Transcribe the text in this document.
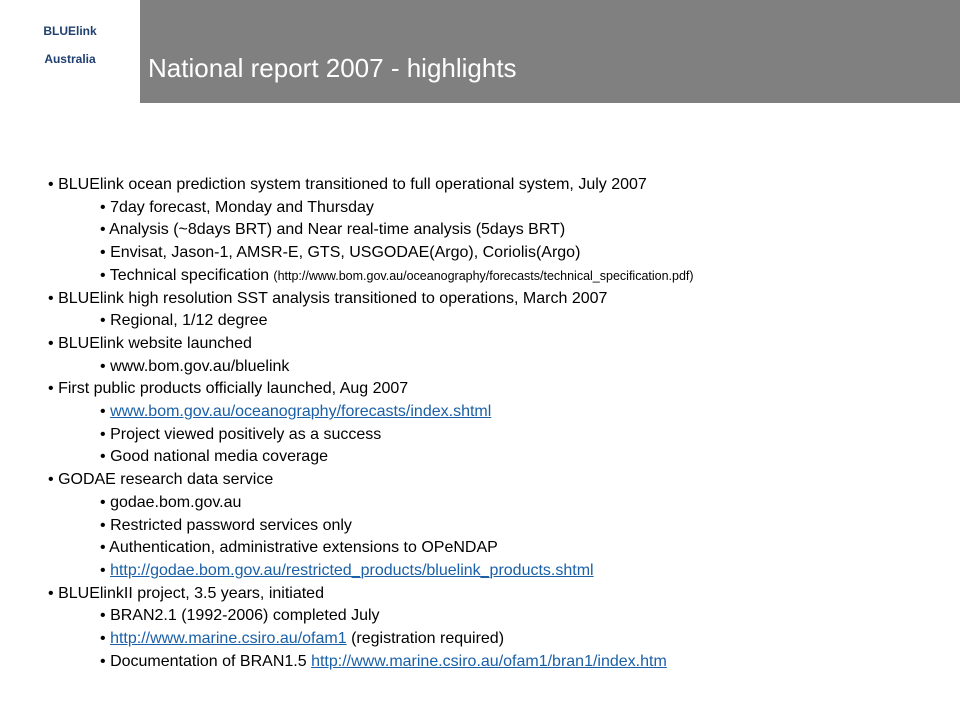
BLUElink
Australia	National report 2007 - highlights
• BLUElink ocean prediction system transitioned to full operational system, July 2007
• 7day forecast, Monday and Thursday
• Analysis (~8days BRT) and Near real-time analysis (5days BRT)
• Envisat, Jason-1, AMSR-E, GTS, USGODAE(Argo), Coriolis(Argo)
• Technical specification (http://www.bom.gov.au/oceanography/forecasts/technical_specification.pdf)
• BLUElink high resolution SST analysis transitioned to operations, March 2007
• Regional, 1/12 degree
• BLUElink website launched
• www.bom.gov.au/bluelink
• First public products officially launched, Aug 2007
• www.bom.gov.au/oceanography/forecasts/index.shtml
• Project viewed positively as a success
• Good national media coverage
• GODAE research data service
• godae.bom.gov.au
• Restricted password services only
• Authentication, administrative extensions to OPeNDAP
• http://godae.bom.gov.au/restricted_products/bluelink_products.shtml
• BLUElinkII project, 3.5 years, initiated
• BRAN2.1 (1992-2006) completed July
• http://www.marine.csiro.au/ofam1 (registration required)
• Documentation of BRAN1.5 http://www.marine.csiro.au/ofam1/bran1/index.htm
